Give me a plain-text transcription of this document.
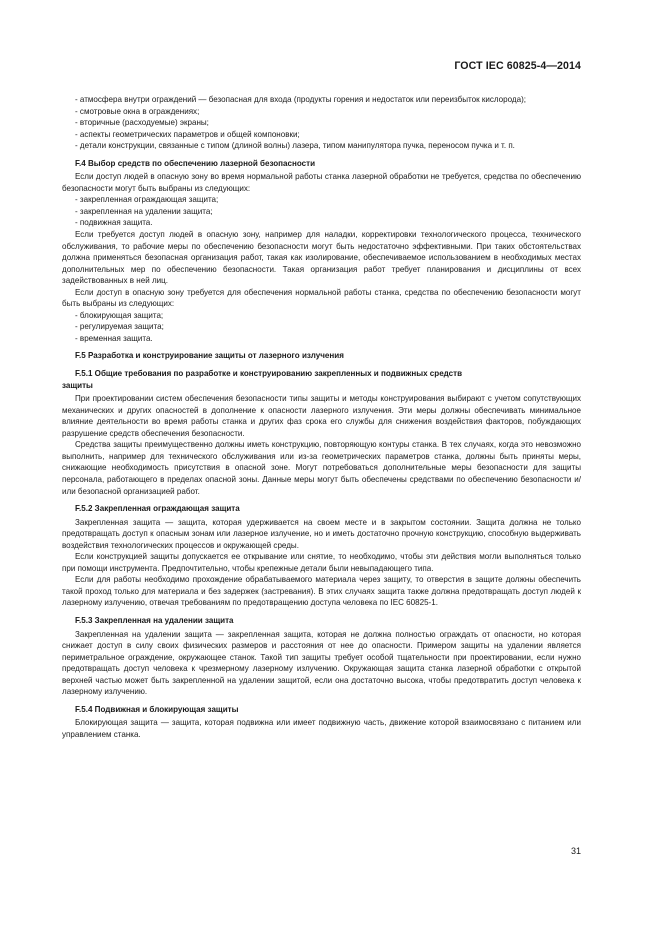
ГОСТ IEC 60825-4—2014

- атмосфера внутри ограждений — безопасная для входа (продукты горения и недостаток или переизбыток кислорода);

- смотровые окна в ограждениях;

- вторичные (расходуемые) экраны;

- аспекты геометрических параметров и общей компоновки;

- детали конструкции, связанные с типом (длиной волны) лазера, типом манипулятора пучка, переносом пучка и т. п.

F.4 Выбор средств по обеспечению лазерной безопасности

Если доступ людей в опасную зону во время нормальной работы станка лазерной обработки не требуется, средства по обеспечению безопасности могут быть выбраны из следующих:

- закрепленная ограждающая защита;

- закрепленная на удалении защита;

- подвижная защита.

Если требуется доступ людей в опасную зону, например для наладки, корректировки технологического процесса, технического обслуживания, то рабочие меры по обеспечению безопасности могут быть недостаточно эффективными. При таких обстоятельствах должна применяться безопасная организация работ, такая как изолирование, обеспечиваемое использованием в необходимых местах дополнительных мер по обеспечению безопасности. Такая организация работ требует планирования и дисциплины от всех задействованных в ней лиц.

Если доступ в опасную зону требуется для обеспечения нормальной работы станка, средства по обеспечению безопасности могут быть выбраны из следующих:

- блокирующая защита;

- регулируемая защита;

- временная защита.

F.5 Разработка и конструирование защиты от лазерного излучения

F.5.1 Общие требования по разработке и конструированию закрепленных и подвижных средств

защиты

При проектировании систем обеспечения безопасности типы защиты и методы конструирования выбирают с учетом сопутствующих механических и других опасностей в дополнение к опасности лазерного излучения. Эти меры должны обеспечивать минимальное влияние деятельности во время работы станка и других фаз срока его службы для снижения воздействия факторов, побуждающих разрушение средств обеспечения безопасности.

Средства защиты преимущественно должны иметь конструкцию, повторяющую контуры станка. В тех случаях, когда это невозможно выполнить, например для технического обслуживания или из-за геометрических параметров станка, должны быть приняты меры, снижающие необходимость присутствия в опасной зоне. Могут потребоваться дополнительные меры безопасности для защиты персонала, работающего в пределах опасной зоны. Данные меры могут быть обеспечены средствами по обеспечению безопасности и/или безопасной организацией работ.

F.5.2 Закрепленная ограждающая защита

Закрепленная защита — защита, которая удерживается на своем месте и в закрытом состоянии. Защита должна не только предотвращать доступ к опасным зонам или лазерное излучение, но и иметь достаточно прочную конструкцию, способную выдерживать воздействия технологических процессов и окружающей среды.

Если конструкцией защиты допускается ее открывание или снятие, то необходимо, чтобы эти действия могли выполняться только при помощи инструмента. Предпочтительно, чтобы крепежные детали были невыпадающего типа.

Если для работы необходимо прохождение обрабатываемого материала через защиту, то отверстия в защите должны обеспечить такой проход только для материала и без задержек (застревания). В этих случаях защита также должна предотвращать доступ людей к лазерному излучению, отвечая требованиям по предотвращению доступа человека по IEC 60825-1.

F.5.3 Закрепленная на удалении защита

Закрепленная на удалении защита — закрепленная защита, которая не должна полностью ограждать от опасности, но которая снижает доступ в силу своих физических размеров и расстояния от нее до опасности. Примером защиты на удалении является периметральное ограждение, окружающее станок. Такой тип защиты требует особой тщательности при проектировании, если нужно предотвращать доступ человека к чрезмерному лазерному излучению. Окружающая защита станка лазерной обработки с открытой верхней частью может быть закрепленной на удалении защитой, если она достаточно высока, чтобы предотвратить доступ человека к лазерному излучению.

F.5.4 Подвижная и блокирующая защиты

Блокирующая защита — защита, которая подвижна или имеет подвижную часть, движение которой взаимосвязано с питанием или управлением станка.

31
